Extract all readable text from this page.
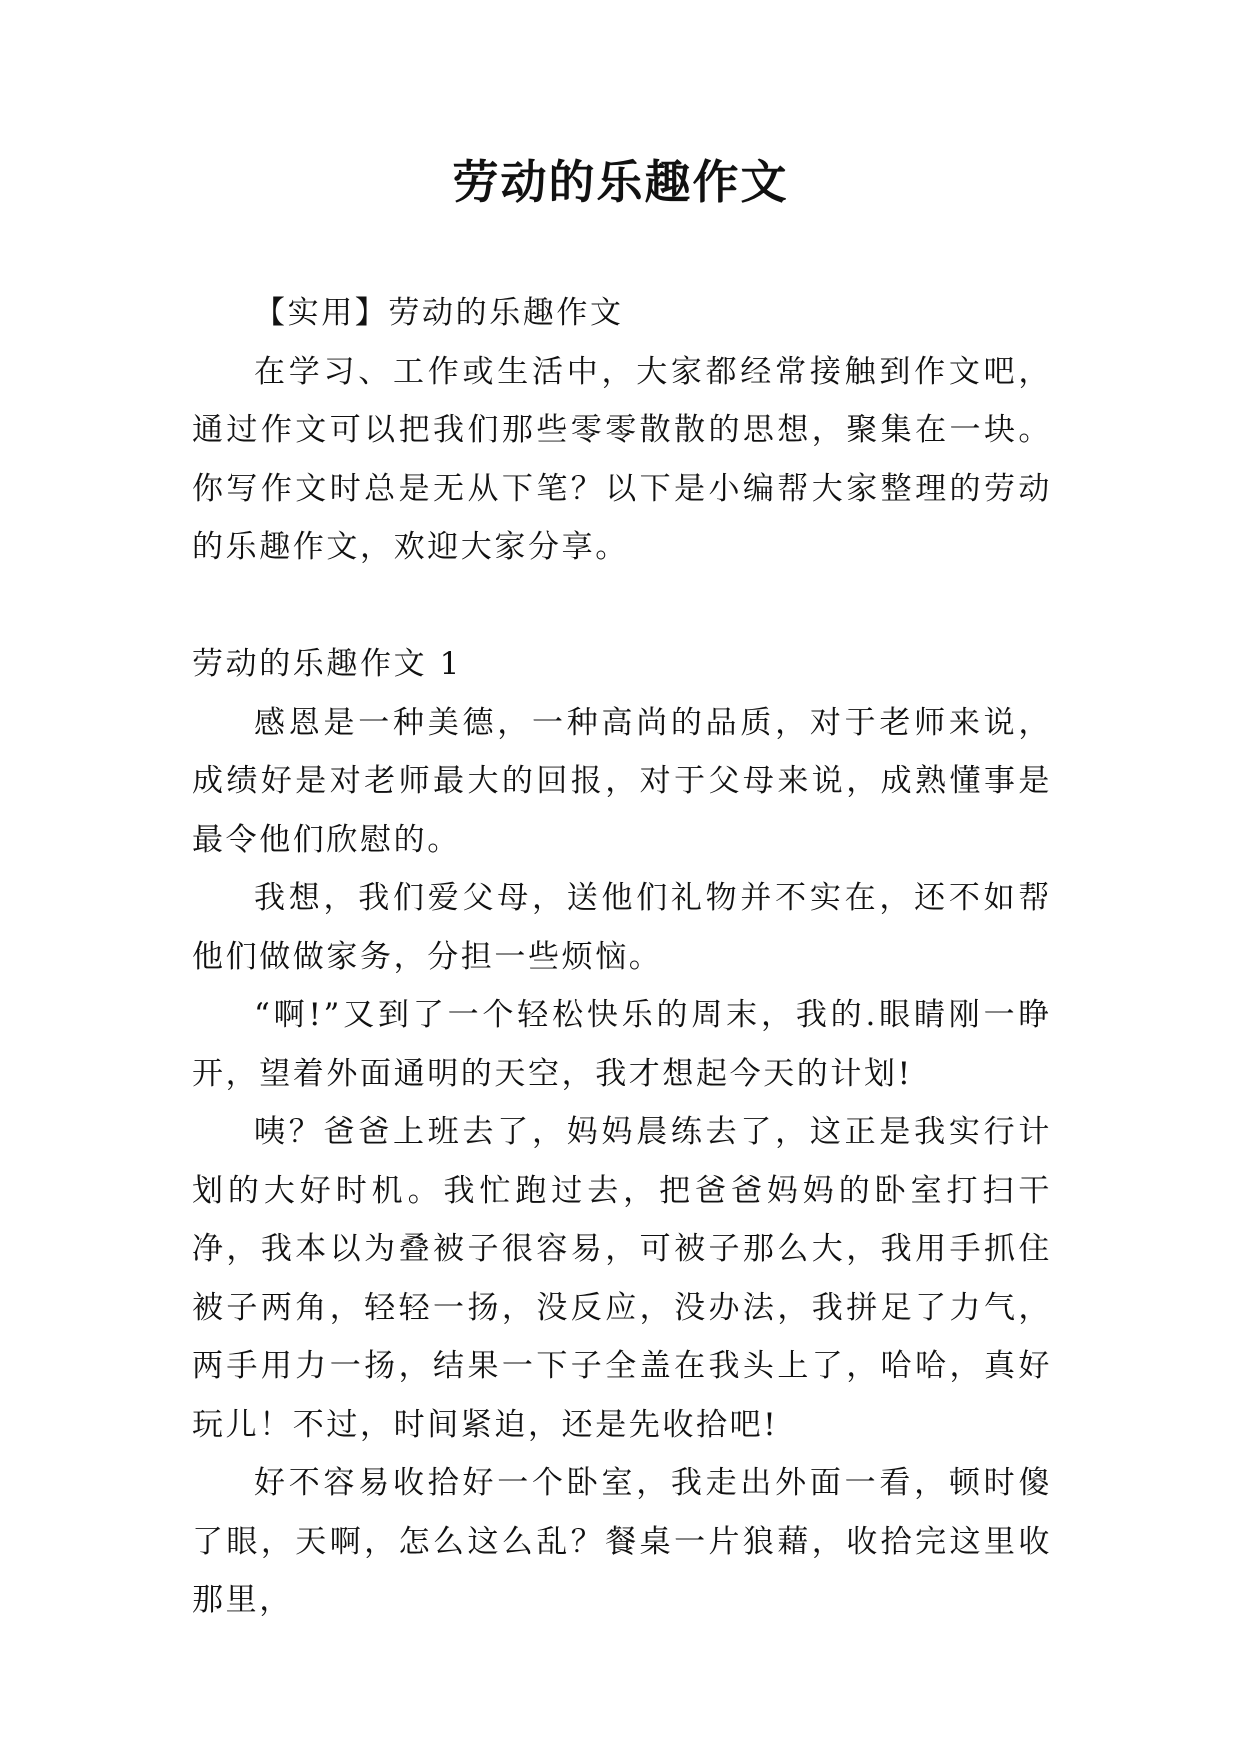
劳动的乐趣作文

【实用】劳动的乐趣作文

在学习、工作或生活中，大家都经常接触到作文吧，通过作文可以把我们那些零零散散的思想，聚集在一块。你写作文时总是无从下笔？以下是小编帮大家整理的劳动的乐趣作文，欢迎大家分享。

劳动的乐趣作文 1

感恩是一种美德，一种高尚的品质，对于老师来说，成绩好是对老师最大的回报，对于父母来说，成熟懂事是最令他们欣慰的。

我想，我们爱父母，送他们礼物并不实在，还不如帮他们做做家务，分担一些烦恼。

“啊!”又到了一个轻松快乐的周末，我的.眼睛刚一睁开，望着外面通明的天空，我才想起今天的计划!

咦？爸爸上班去了，妈妈晨练去了，这正是我实行计划的大好时机。我忙跑过去，把爸爸妈妈的卧室打扫干净，我本以为叠被子很容易，可被子那么大，我用手抓住被子两角，轻轻一扬，没反应，没办法，我拼足了力气，两手用力一扬，结果一下子全盖在我头上了，哈哈，真好玩儿！不过，时间紧迫，还是先收拾吧!

好不容易收拾好一个卧室，我走出外面一看，顿时傻了眼，天啊，怎么这么乱？餐桌一片狼藉，收拾完这里收那里，
